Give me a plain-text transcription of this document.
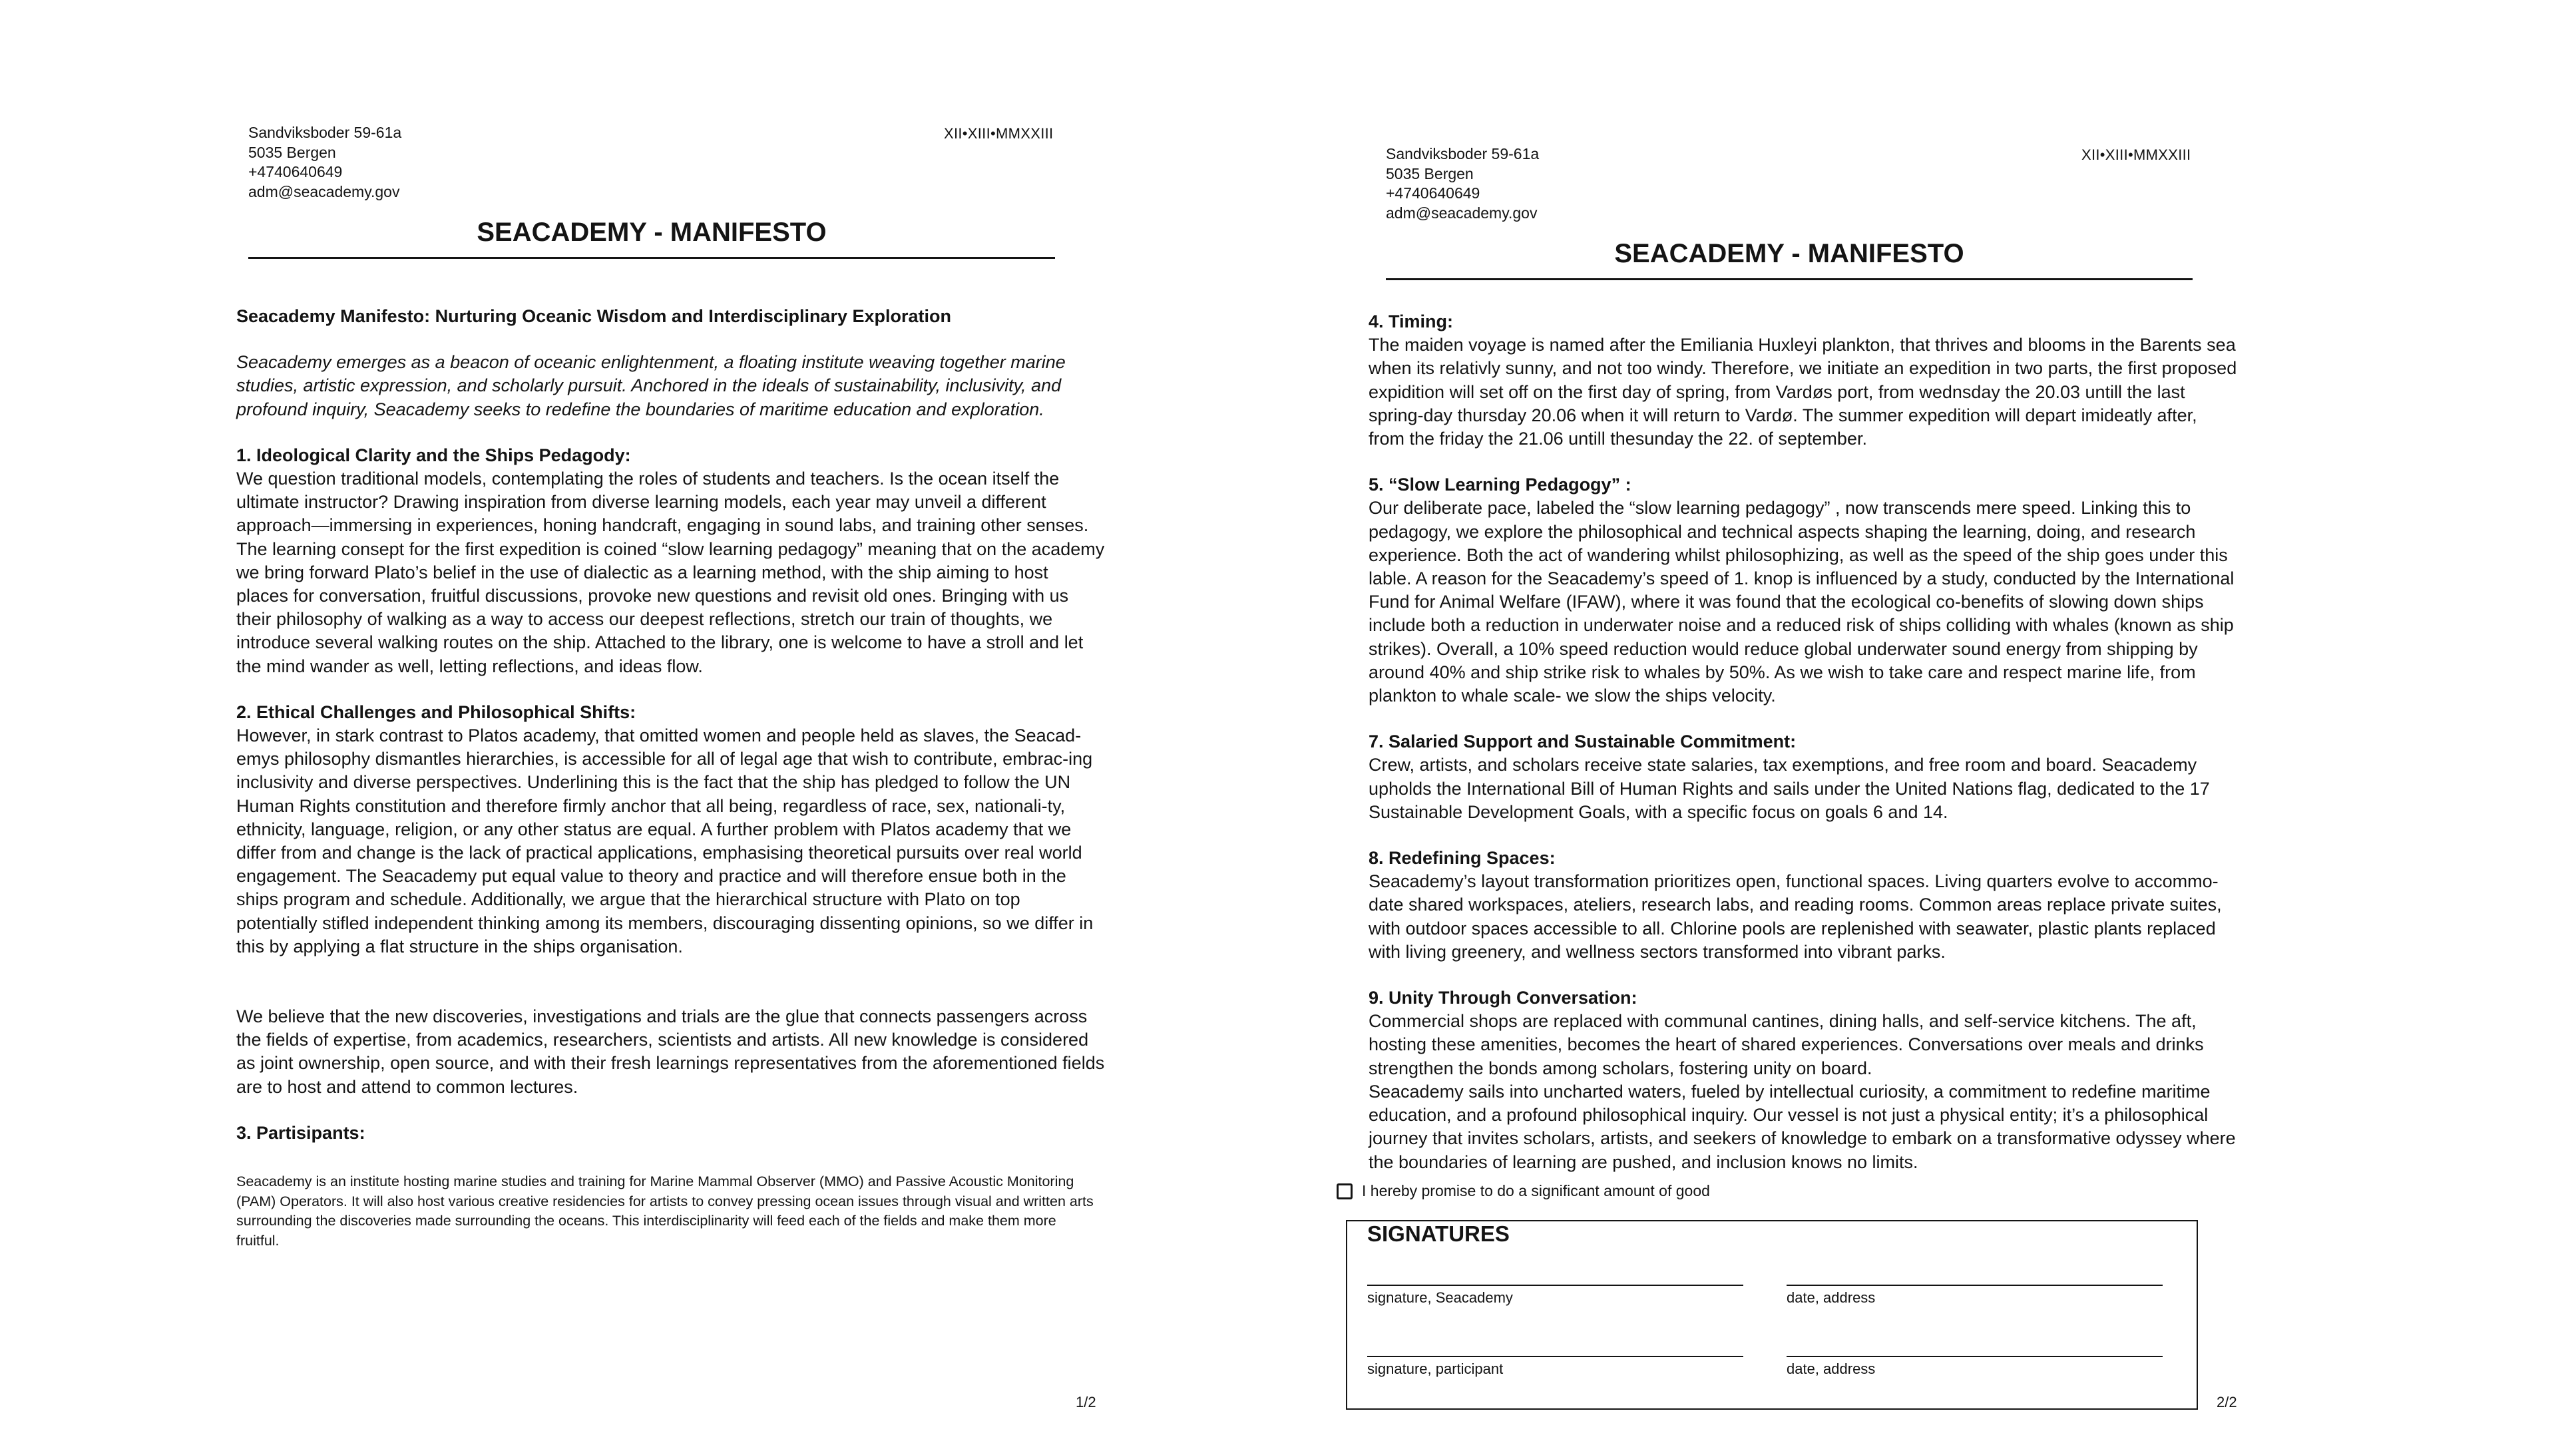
Sandviksboder 59-61a
5035 Bergen
+4740640649
adm@seacademy.gov
XII•XIII•MMXXIII
SEACADEMY - MANIFESTO

Seacademy Manifesto: Nurturing Oceanic Wisdom and Interdisciplinary Exploration

Seacademy emerges as a beacon of oceanic enlightenment, a floating institute weaving together marine studies, artistic expression, and scholarly pursuit. Anchored in the ideals of sustainability, inclusivity, and profound inquiry, Seacademy seeks to redefine the boundaries of maritime education and exploration.

1. Ideological Clarity and the Ships Pedagody:

We question traditional models, contemplating the roles of students and teachers. Is the ocean itself the ultimate instructor? Drawing inspiration from diverse learning models, each year may unveil a different approach—immersing in experiences, honing handcraft, engaging in sound labs, and training other senses. The learning consept for the first expedition is coined “slow learning pedagogy” meaning that on the academy we bring forward Plato’s belief in the use of dialectic as a learning method, with the ship aiming to host places for conversation, fruitful discussions, provoke new questions and revisit old ones. Bringing with us their philosophy of walking as a way to access our deepest reflections, stretch our train of thoughts, we introduce several walking routes on the ship. Attached to the library, one is welcome to have a stroll and let the mind wander as well, letting reflections, and ideas flow.

2. Ethical Challenges and Philosophical Shifts:

However, in stark contrast to Platos academy, that omitted women and people held as slaves, the Seacad-emys philosophy dismantles hierarchies, is accessible for all of legal age that wish to contribute, embrac-ing inclusivity and diverse perspectives. Underlining this is the fact that the ship has pledged to follow the UN Human Rights constitution and therefore firmly anchor that all being, regardless of race, sex, nationali-ty, ethnicity, language, religion, or any other status are equal. A further problem with Platos academy that we differ from and change is the lack of practical applications, emphasising theoretical pursuits over real world engagement. The Seacademy put equal value to theory and practice and will therefore ensue both in the ships program and schedule. Additionally, we argue that the hierarchical structure with Plato on top potentially stifled independent thinking among its members, discouraging dissenting opinions, so we differ in this by applying a flat structure in the ships organisation.

We believe that the new discoveries, investigations and trials are the glue that connects passengers across the fields of expertise, from academics, researchers, scientists and artists. All new knowledge is considered as joint ownership, open source, and with their fresh learnings representatives from the aforementioned fields are to host and attend to common lectures.

3. Partisipants:

Seacademy is an institute hosting marine studies and training for Marine Mammal Observer (MMO) and Passive Acoustic Monitoring (PAM) Operators. It will also host various creative residencies for artists to convey pressing ocean issues through visual and written arts surrounding the discoveries made surrounding the oceans. This interdisciplinarity will feed each of the fields and make them more fruitful.
1/2
Sandviksboder 59-61a
5035 Bergen
+4740640649
adm@seacademy.gov
XII•XIII•MMXXIII
SEACADEMY - MANIFESTO

4. Timing:

The maiden voyage is named after the Emiliania Huxleyi plankton, that thrives and blooms in the Barents sea when its relativly sunny, and not too windy. Therefore, we initiate an expedition in two parts, the first proposed expidition will set off on the first day of spring, from Vardøs port, from wednsday the 20.03 untill the last spring-day thursday 20.06 when it will return to Vardø. The summer expedition will depart imideatly after, from the friday the 21.06 untill thesunday the 22. of september.

5. “Slow Learning Pedagogy” :

Our deliberate pace, labeled the “slow learning pedagogy” , now transcends mere speed. Linking this to pedagogy, we explore the philosophical and technical aspects shaping the learning, doing, and research experience. Both the act of wandering whilst philosophizing, as well as the speed of the ship goes under this lable. A reason for the Seacademy’s speed of 1. knop is influenced by a study, conducted by the International Fund for Animal Welfare (IFAW), where it was found that the ecological co-benefits of slowing down ships include both a reduction in underwater noise and a reduced risk of ships colliding with whales (known as ship strikes). Overall, a 10% speed reduction would reduce global underwater sound energy from shipping by around 40% and ship strike risk to whales by 50%. As we wish to take care and respect marine life, from plankton to whale scale- we slow the ships velocity.

7. Salaried Support and Sustainable Commitment:

Crew, artists, and scholars receive state salaries, tax exemptions, and free room and board. Seacademy upholds the International Bill of Human Rights and sails under the United Nations flag, dedicated to the 17 Sustainable Development Goals, with a specific focus on goals 6 and 14.

8. Redefining Spaces:

Seacademy’s layout transformation prioritizes open, functional spaces. Living quarters evolve to accommo-date shared workspaces, ateliers, research labs, and reading rooms. Common areas replace private suites, with outdoor spaces accessible to all. Chlorine pools are replenished with seawater, plastic plants replaced with living greenery, and wellness sectors transformed into vibrant parks.

9. Unity Through Conversation:

Commercial shops are replaced with communal cantines, dining halls, and self-service kitchens. The aft, hosting these amenities, becomes the heart of shared experiences. Conversations over meals and drinks strengthen the bonds among scholars, fostering unity on board.

Seacademy sails into uncharted waters, fueled by intellectual curiosity, a commitment to redefine maritime education, and a profound philosophical inquiry. Our vessel is not just a physical entity; it’s a philosophical journey that invites scholars, artists, and seekers of knowledge to embark on a transformative odyssey where the boundaries of learning are pushed, and inclusion knows no limits.

I hereby promise to do a significant amount of good
SIGNATURES
signature, Seacademy	date, address
signature, participant	date, address
2/2
